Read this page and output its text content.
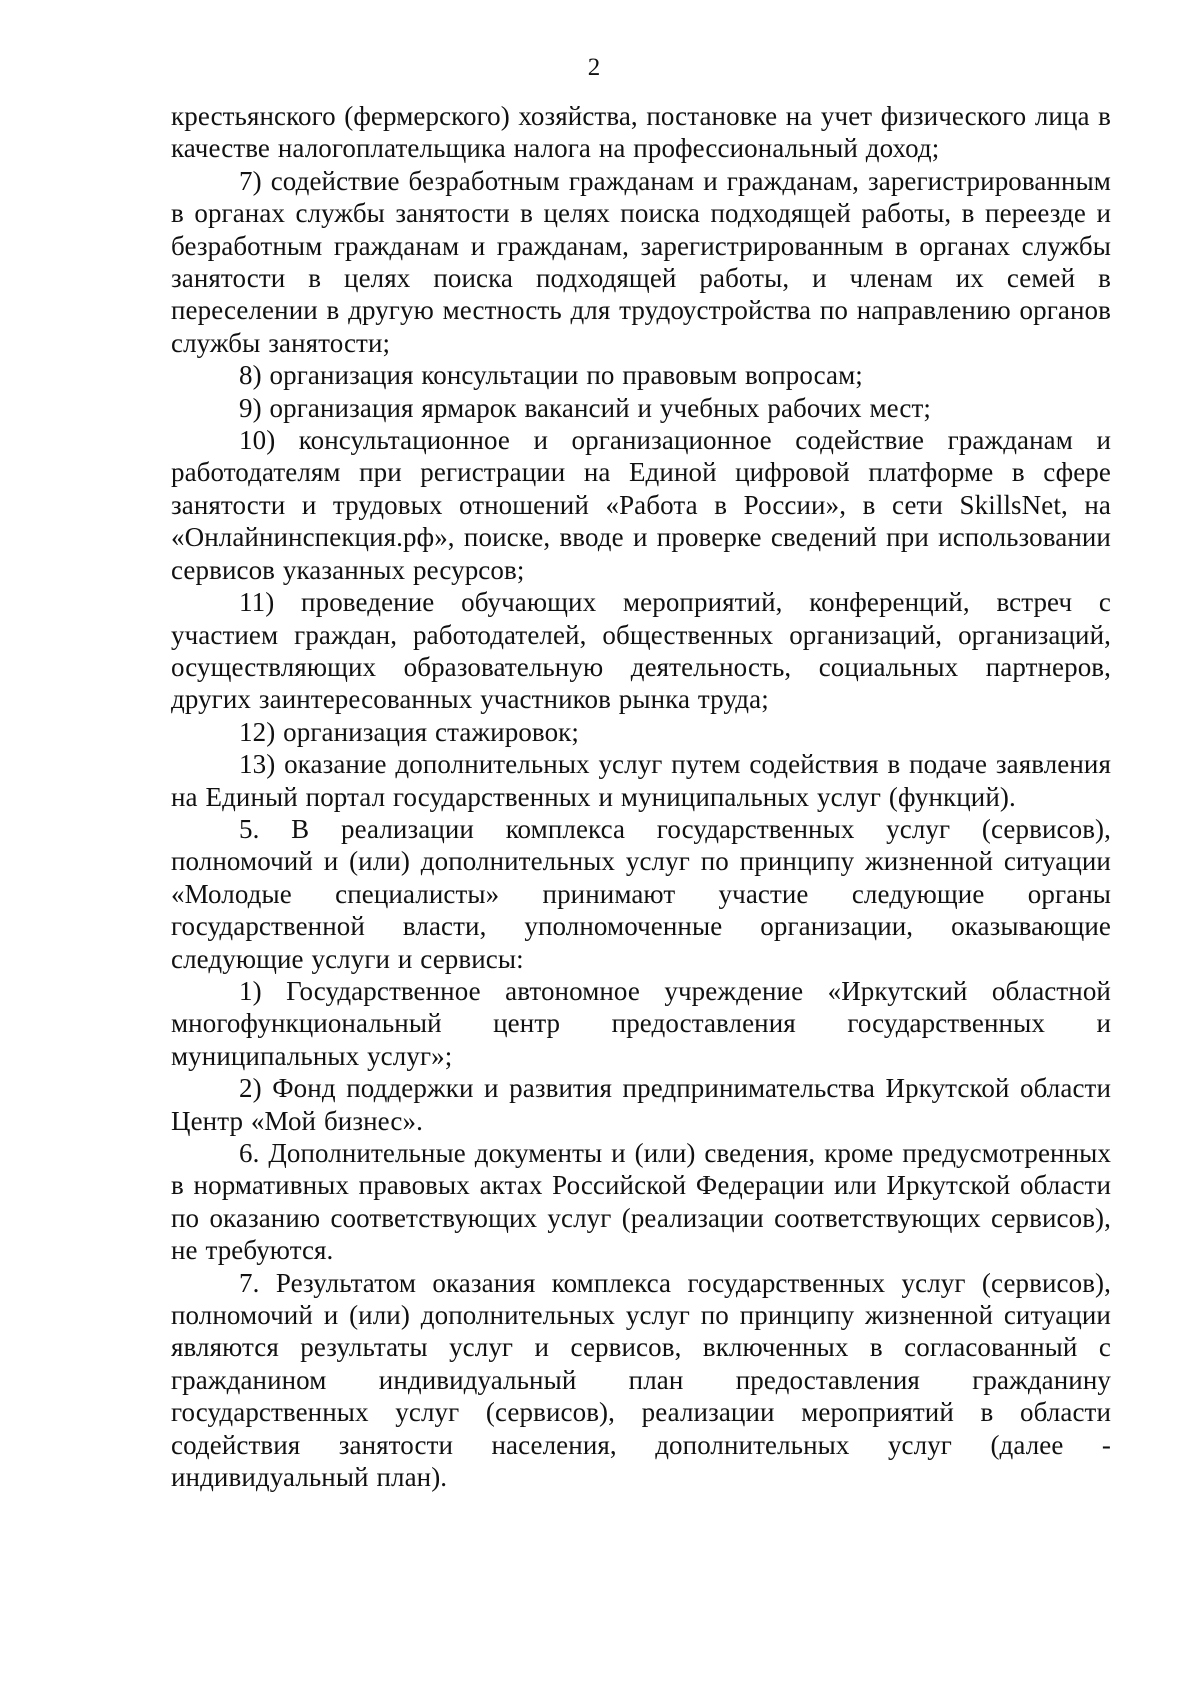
2

крестьянского (фермерского) хозяйства, постановке на учет физического лица в качестве налогоплательщика налога на профессиональный доход;

7) содействие безработным гражданам и гражданам, зарегистрированным в органах службы занятости в целях поиска подходящей работы, в переезде и безработным гражданам и гражданам, зарегистрированным в органах службы занятости в целях поиска подходящей работы, и членам их семей в переселении в другую местность для трудоустройства по направлению органов службы занятости;

8) организация консультации по правовым вопросам;

9) организация ярмарок вакансий и учебных рабочих мест;

10) консультационное и организационное содействие гражданам и работодателям при регистрации на Единой цифровой платформе в сфере занятости и трудовых отношений «Работа в России», в сети SkillsNet, на «Онлайнинспекция.рф», поиске, вводе и проверке сведений при использовании сервисов указанных ресурсов;

11) проведение обучающих мероприятий, конференций, встреч с участием граждан, работодателей, общественных организаций, организаций, осуществляющих образовательную деятельность, социальных партнеров, других заинтересованных участников рынка труда;

12) организация стажировок;

13) оказание дополнительных услуг путем содействия в подаче заявления на Единый портал государственных и муниципальных услуг (функций).

5. В реализации комплекса государственных услуг (сервисов), полномочий и (или) дополнительных услуг по принципу жизненной ситуации «Молодые специалисты» принимают участие следующие органы государственной власти, уполномоченные организации, оказывающие следующие услуги и сервисы:

1) Государственное автономное учреждение «Иркутский областной многофункциональный центр предоставления государственных и муниципальных услуг»;

2) Фонд поддержки и развития предпринимательства Иркутской области Центр «Мой бизнес».

6. Дополнительные документы и (или) сведения, кроме предусмотренных в нормативных правовых актах Российской Федерации или Иркутской области по оказанию соответствующих услуг (реализации соответствующих сервисов), не требуются.

7. Результатом оказания комплекса государственных услуг (сервисов), полномочий и (или) дополнительных услуг по принципу жизненной ситуации являются результаты услуг и сервисов, включенных в согласованный с гражданином индивидуальный план предоставления гражданину государственных услуг (сервисов), реализации мероприятий в области содействия занятости населения, дополнительных услуг (далее - индивидуальный план).
